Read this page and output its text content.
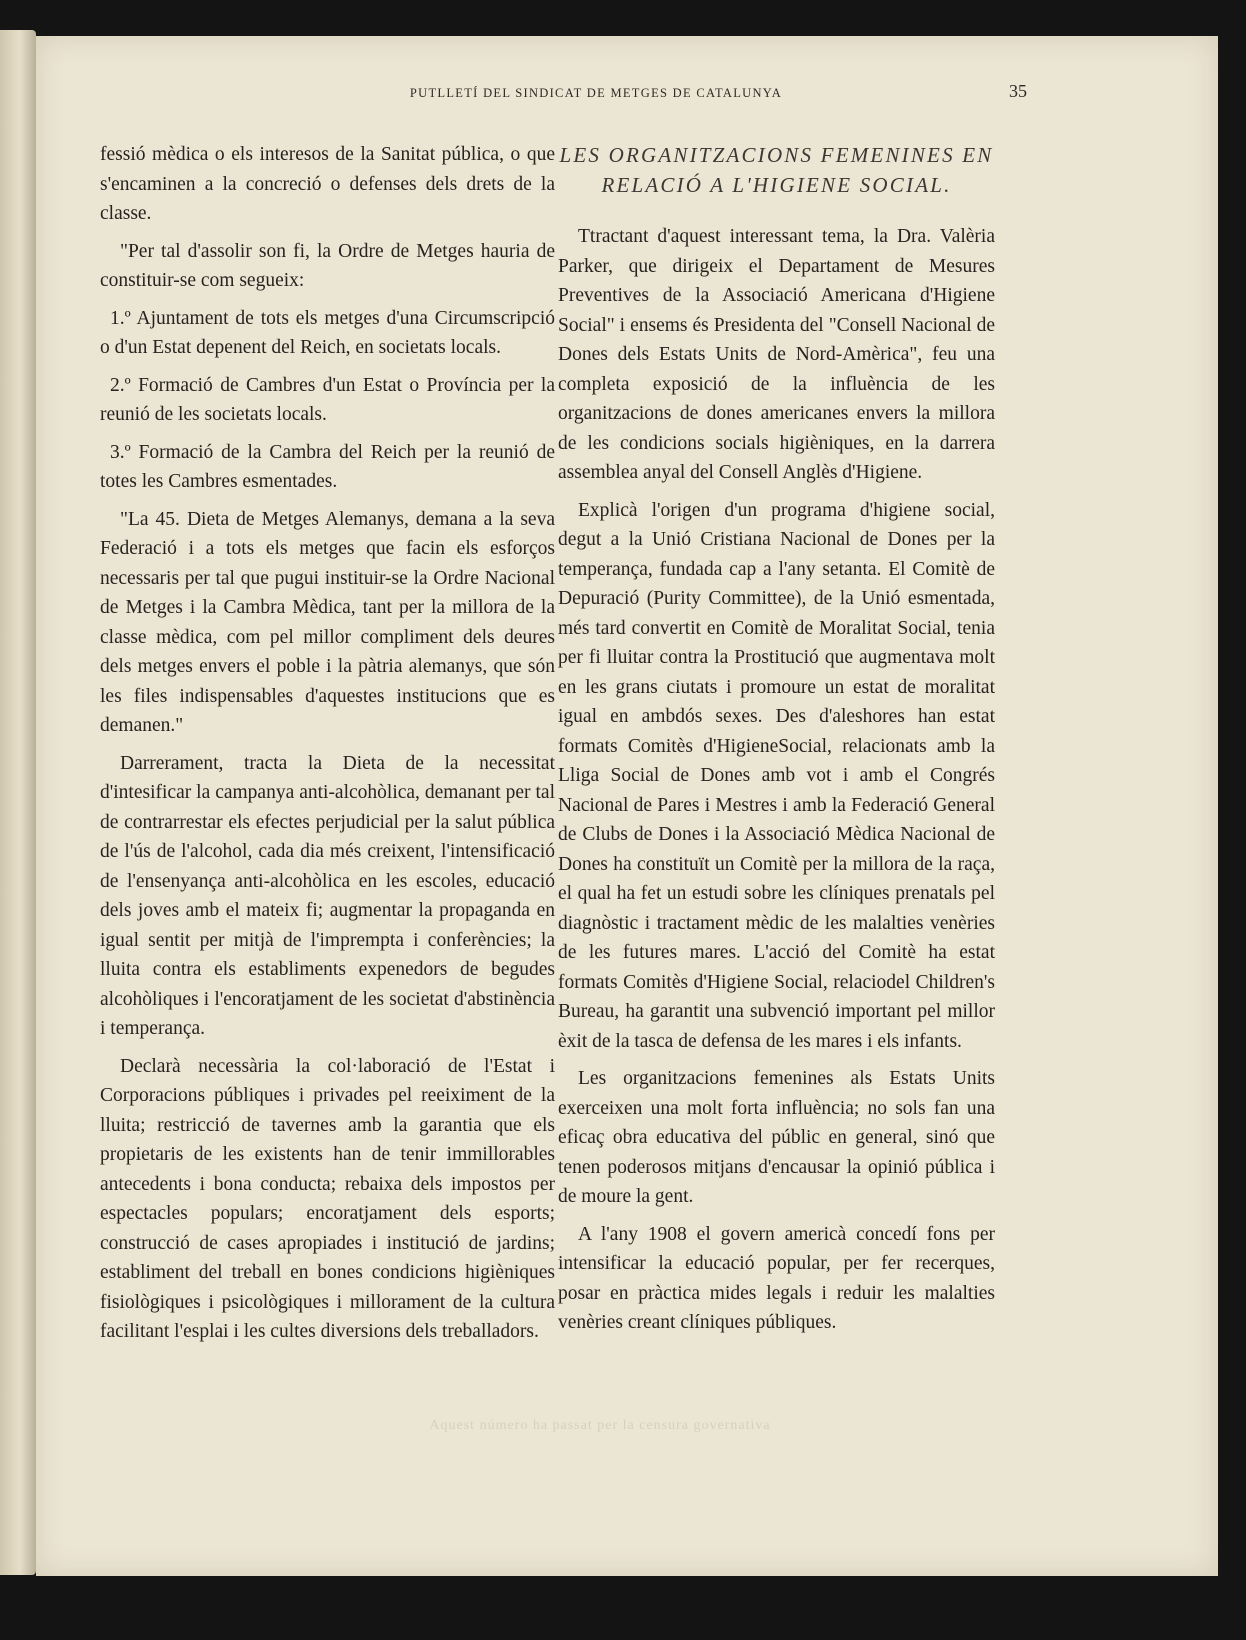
PUTLLETÍ DEL SINDICAT DE METGES DE CATALUNYA	35

fessió mèdica o els interesos de la Sanitat pública, o que s'encaminen a la concreció o defenses dels drets de la classe.

"Per tal d'assolir son fi, la Ordre de Metges hauria de constituir-se com segueix:

1.º Ajuntament de tots els metges d'una Circumscripció o d'un Estat depenent del Reich, en societats locals.

2.º Formació de Cambres d'un Estat o Província per la reunió de les societats locals.

3.º Formació de la Cambra del Reich per la reunió de totes les Cambres esmentades.

"La 45. Dieta de Metges Alemanys, demana a la seva Federació i a tots els metges que facin els esforços necessaris per tal que pugui instituir-se la Ordre Nacional de Metges i la Cambra Mèdica, tant per la millora de la classe mèdica, com pel millor compliment dels deures dels metges envers el poble i la pàtria alemanys, que són les files indispensables d'aquestes institucions que es demanen."

Darrerament, tracta la Dieta de la necessitat d'intesificar la campanya anti-alcohòlica, demanant per tal de contrarrestar els efectes perjudicial per la salut pública de l'ús de l'alcohol, cada dia més creixent, l'intensificació de l'ensenyança anti-alcohòlica en les escoles, educació dels joves amb el mateix fi; augmentar la propaganda en igual sentit per mitjà de l'imprempta i conferències; la lluita contra els establiments expenedors de begudes alcohòliques i l'encoratjament de les societat d'abstinència i temperança.

Declarà necessària la col·laboració de l'Estat i Corporacions públiques i privades pel reeiximent de la lluita; restricció de tavernes amb la garantia que els propietaris de les existents han de tenir immillorables antecedents i bona conducta; rebaixa dels impostos per espectacles populars; encoratjament dels esports; construcció de cases apropiades i institució de jardins; establiment del treball en bones condicions higièniques fisiològiques i psicològiques i millorament de la cultura facilitant l'esplai i les cultes diversions dels treballadors.

LES ORGANITZACIONS FEMENINES EN
RELACIÓ A L'HIGIENE SOCIAL.

Ttractant d'aquest interessant tema, la Dra. Valèria Parker, que dirigeix el Departament de Mesures Preventives de la Associació Americana d'Higiene Social" i ensems és Presidenta del "Consell Nacional de Dones dels Estats Units de Nord-Amèrica", feu una completa exposició de la influència de les organitzacions de dones americanes envers la millora de les condicions socials higièniques, en la darrera assemblea anyal del Consell Anglès d'Higiene.

Explicà l'origen d'un programa d'higiene social, degut a la Unió Cristiana Nacional de Dones per la temperança, fundada cap a l'any setanta. El Comitè de Depuració (Purity Committee), de la Unió esmentada, més tard convertit en Comitè de Moralitat Social, tenia per fi lluitar contra la Prostitució que augmentava molt en les grans ciutats i promoure un estat de moralitat igual en ambdós sexes. Des d'aleshores han estat formats Comitès d'HigieneSocial, relacionats amb la Lliga Social de Dones amb vot i amb el Congrés Nacional de Pares i Mestres i amb la Federació General de Clubs de Dones i la Associació Mèdica Nacional de Dones ha constituït un Comitè per la millora de la raça, el qual ha fet un estudi sobre les clíniques prenatals pel diagnòstic i tractament mèdic de les malalties venèries de les futures mares. L'acció del Comitè ha estat formats Comitès d'Higiene Social, relaciodel Children's Bureau, ha garantit una subvenció important pel millor èxit de la tasca de defensa de les mares i els infants.

Les organitzacions femenines als Estats Units exerceixen una molt forta influència; no sols fan una eficaç obra educativa del públic en general, sinó que tenen poderosos mitjans d'encausar la opinió pública i de moure la gent.

A l'any 1908 el govern americà concedí fons per intensificar la educació popular, per fer recerques, posar en pràctica mides legals i reduir les malalties venèries creant clíniques públiques.

Aquest número ha passat per la censura governativa
